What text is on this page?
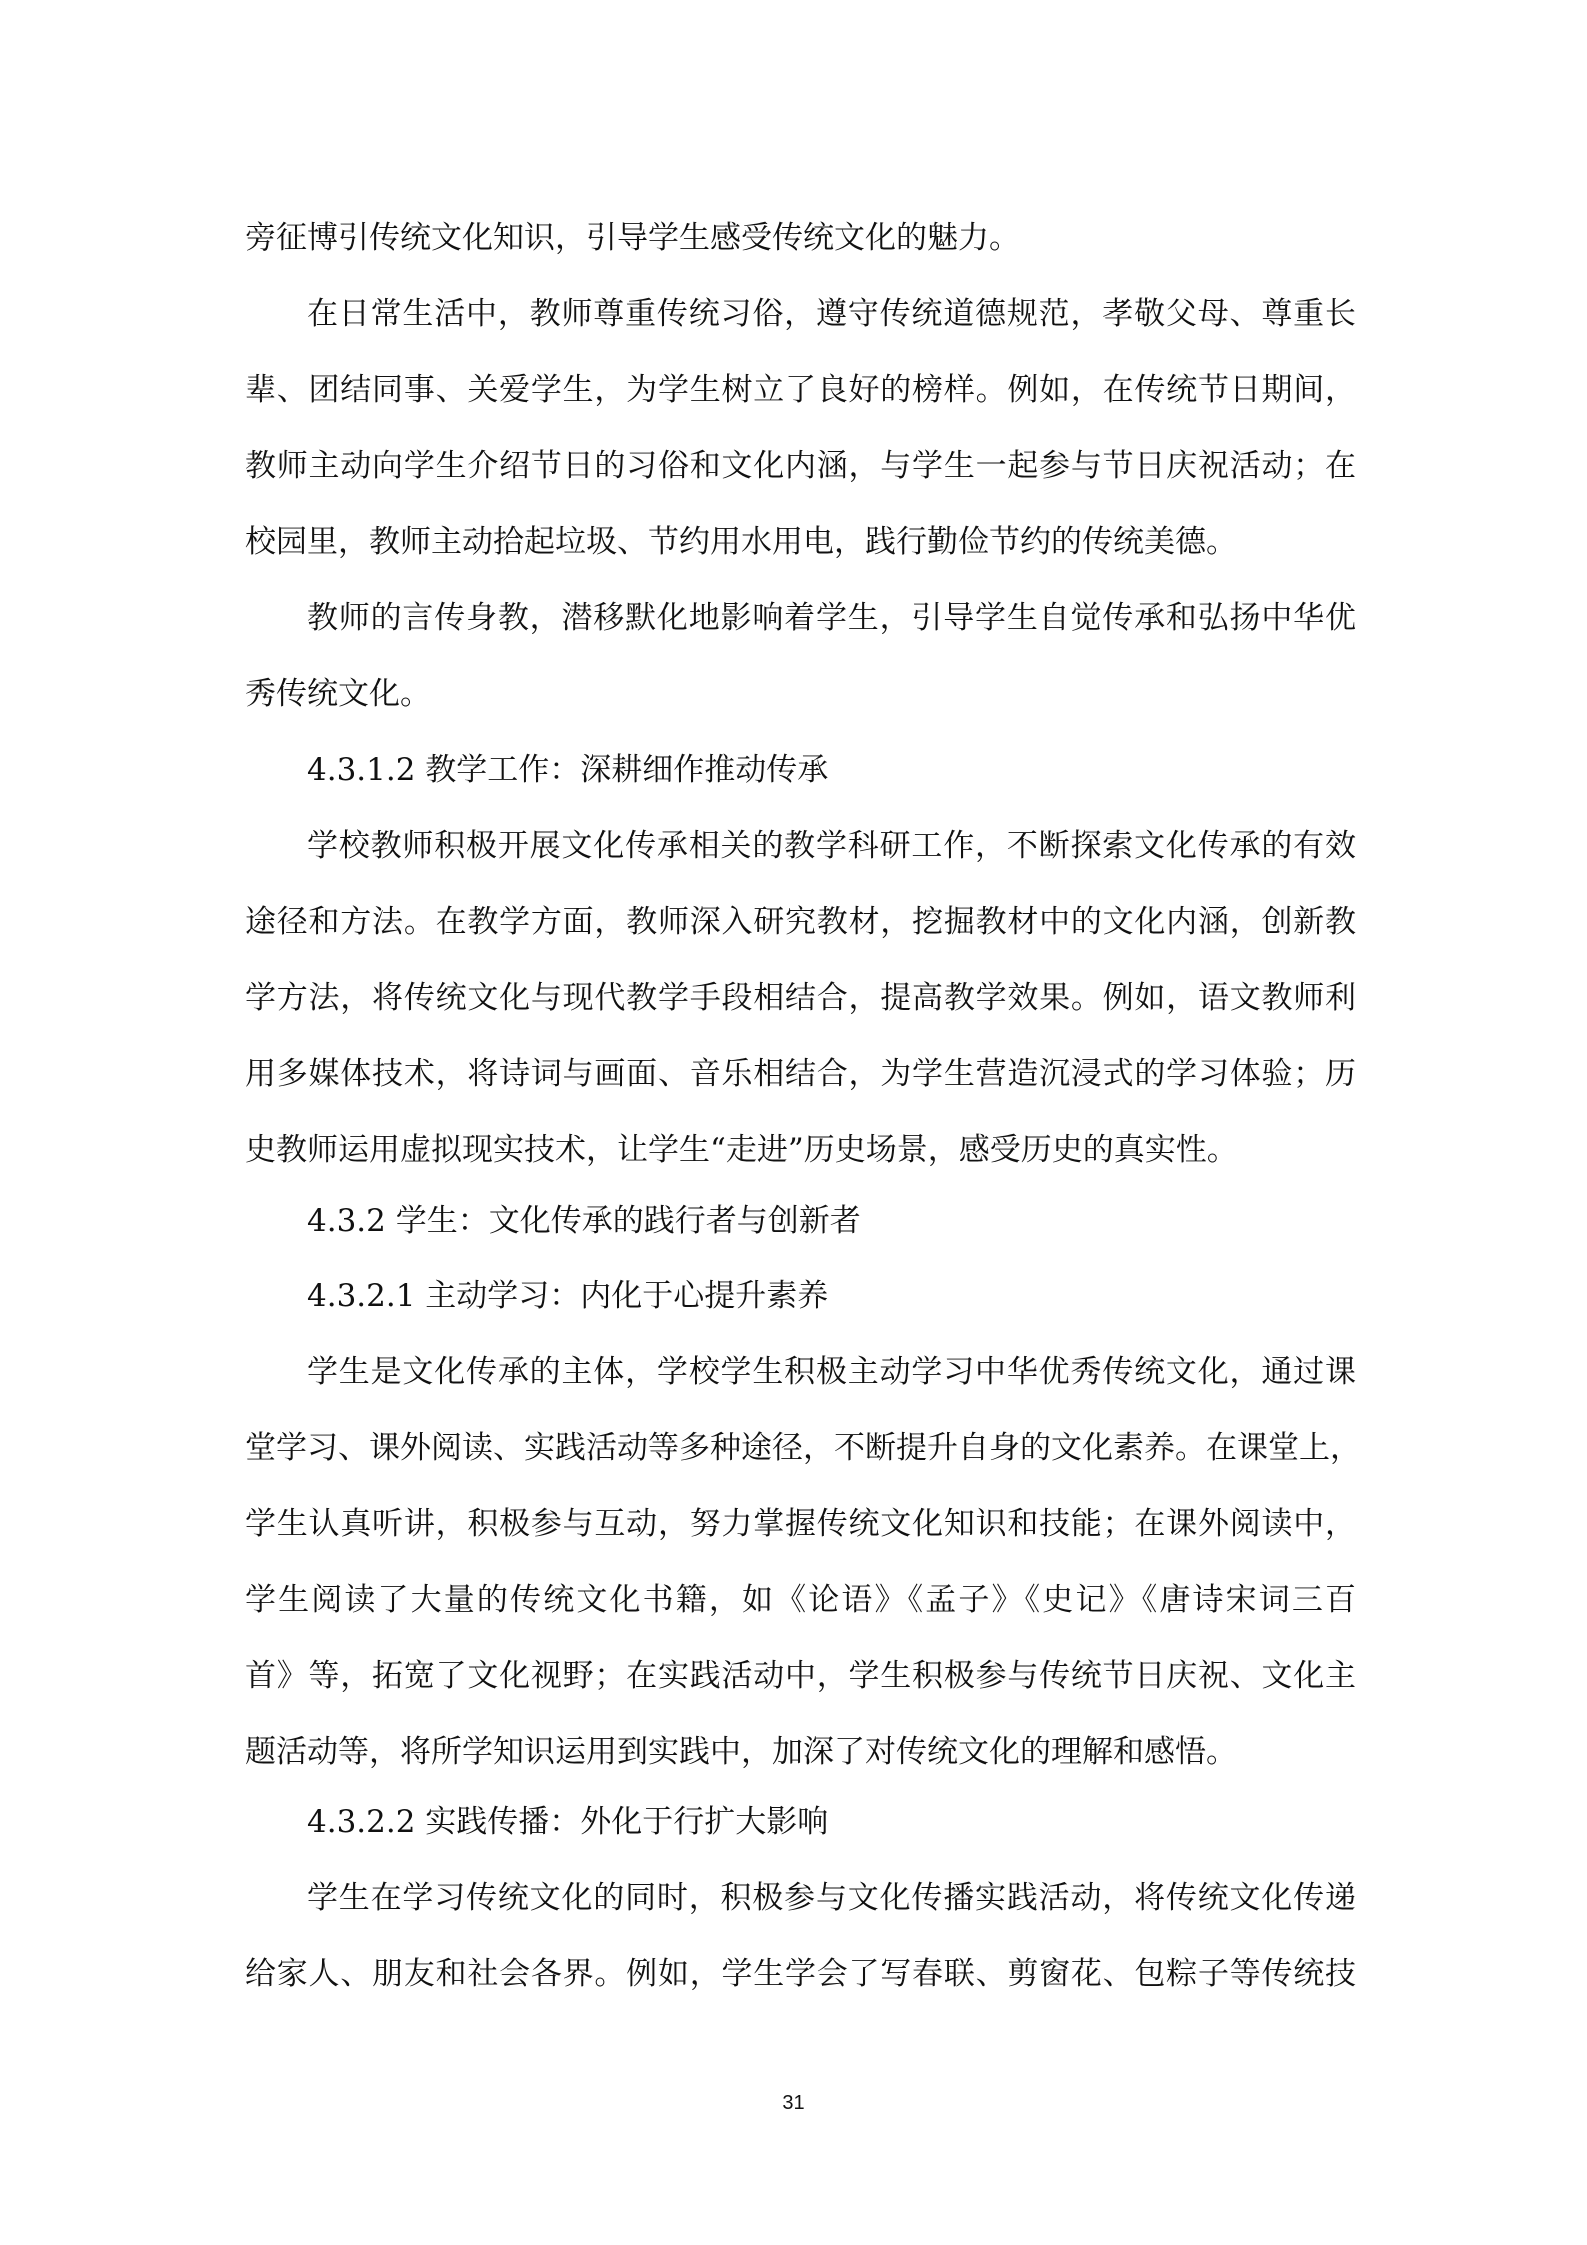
旁征博引传统文化知识，引导学生感受传统文化的魅力。
在日常生活中，教师尊重传统习俗，遵守传统道德规范，孝敬父母、尊重长
辈、团结同事、关爱学生，为学生树立了良好的榜样。例如，在传统节日期间，
教师主动向学生介绍节日的习俗和文化内涵，与学生一起参与节日庆祝活动；在
校园里，教师主动拾起垃圾、节约用水用电，践行勤俭节约的传统美德。
教师的言传身教，潜移默化地影响着学生，引导学生自觉传承和弘扬中华优
秀传统文化。
4.3.1.2 教学工作：深耕细作推动传承
学校教师积极开展文化传承相关的教学科研工作，不断探索文化传承的有效
途径和方法。在教学方面，教师深入研究教材，挖掘教材中的文化内涵，创新教
学方法，将传统文化与现代教学手段相结合，提高教学效果。例如，语文教师利
用多媒体技术，将诗词与画面、音乐相结合，为学生营造沉浸式的学习体验；历
史教师运用虚拟现实技术，让学生“走进”历史场景，感受历史的真实性。
4.3.2 学生：文化传承的践行者与创新者
4.3.2.1 主动学习：内化于心提升素养
学生是文化传承的主体，学校学生积极主动学习中华优秀传统文化，通过课
堂学习、课外阅读、实践活动等多种途径，不断提升自身的文化素养。在课堂上，
学生认真听讲，积极参与互动，努力掌握传统文化知识和技能；在课外阅读中，
学生阅读了大量的传统文化书籍，如《论语》《孟子》《史记》《唐诗宋词三百
首》等，拓宽了文化视野；在实践活动中，学生积极参与传统节日庆祝、文化主
题活动等，将所学知识运用到实践中，加深了对传统文化的理解和感悟。
4.3.2.2 实践传播：外化于行扩大影响
学生在学习传统文化的同时，积极参与文化传播实践活动，将传统文化传递
给家人、朋友和社会各界。例如，学生学会了写春联、剪窗花、包粽子等传统技
31
